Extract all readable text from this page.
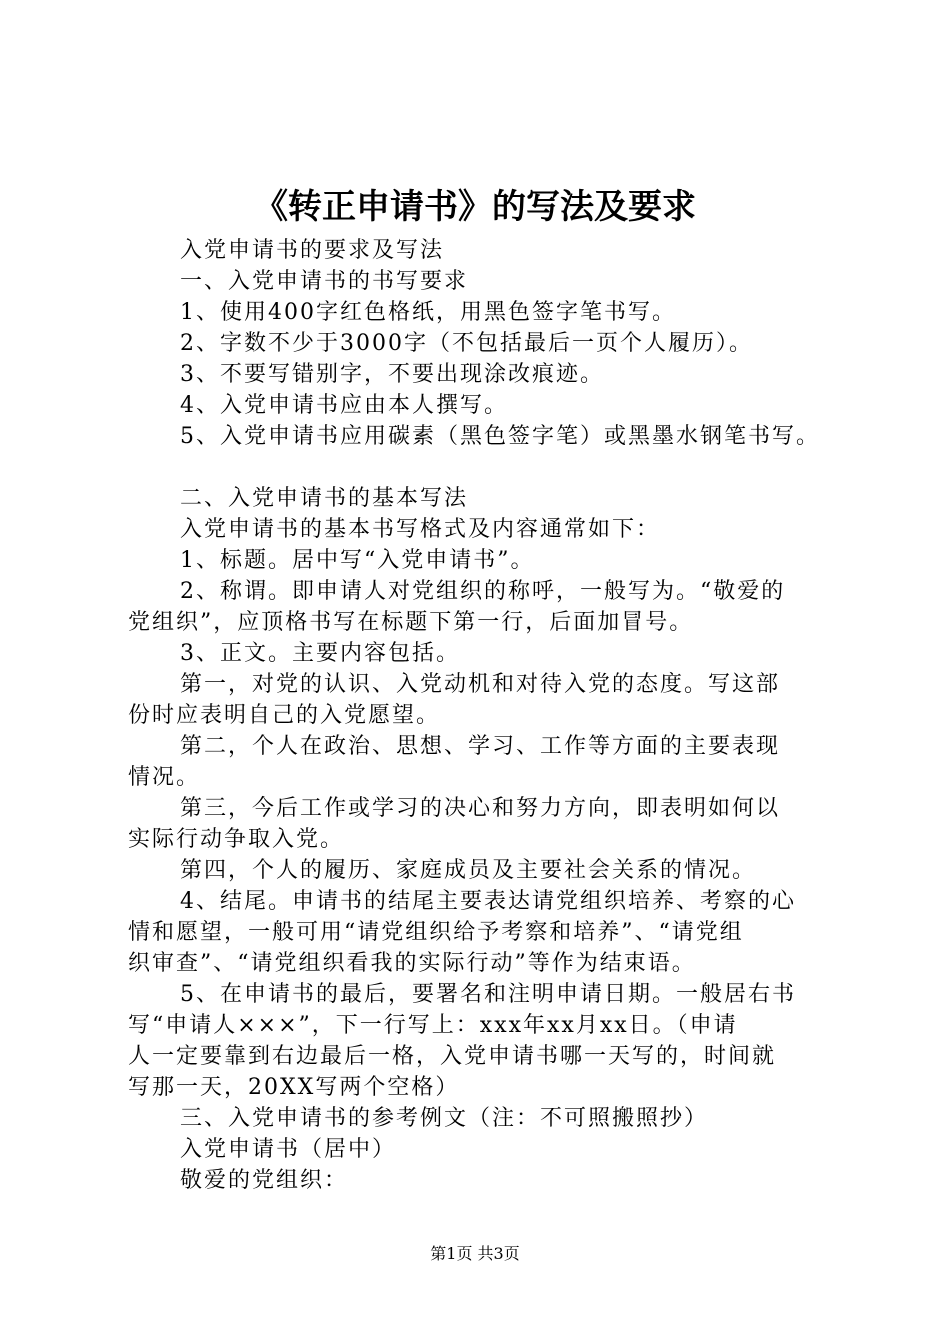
《转正申请书》的写法及要求
入党申请书的要求及写法
一、入党申请书的书写要求
1、使用400字红色格纸，用黑色签字笔书写。
2、字数不少于3000字（不包括最后一页个人履历）。
3、不要写错别字，不要出现涂改痕迹。
4、入党申请书应由本人撰写。
5、入党申请书应用碳素（黑色签字笔）或黑墨水钢笔书写。
二、入党申请书的基本写法
入党申请书的基本书写格式及内容通常如下：
1、标题。居中写“入党申请书”。
2、称谓。即申请人对党组织的称呼，一般写为。“敬爱的
党组织”，应顶格书写在标题下第一行，后面加冒号。
3、正文。主要内容包括。
第一，对党的认识、入党动机和对待入党的态度。写这部
份时应表明自己的入党愿望。
第二，个人在政治、思想、学习、工作等方面的主要表现
情况。
第三，今后工作或学习的决心和努力方向，即表明如何以
实际行动争取入党。
第四，个人的履历、家庭成员及主要社会关系的情况。
4、结尾。申请书的结尾主要表达请党组织培养、考察的心
情和愿望，一般可用“请党组织给予考察和培养”、“请党组
织审查”、“请党组织看我的实际行动”等作为结束语。
5、在申请书的最后，要署名和注明申请日期。一般居右书
写“申请人×××”，下一行写上：xxx年xx月xx日。（申请
人一定要靠到右边最后一格，入党申请书哪一天写的，时间就
写那一天，20XX写两个空格）
三、入党申请书的参考例文（注：不可照搬照抄）
入党申请书（居中）
敬爱的党组织：
第1页 共3页
